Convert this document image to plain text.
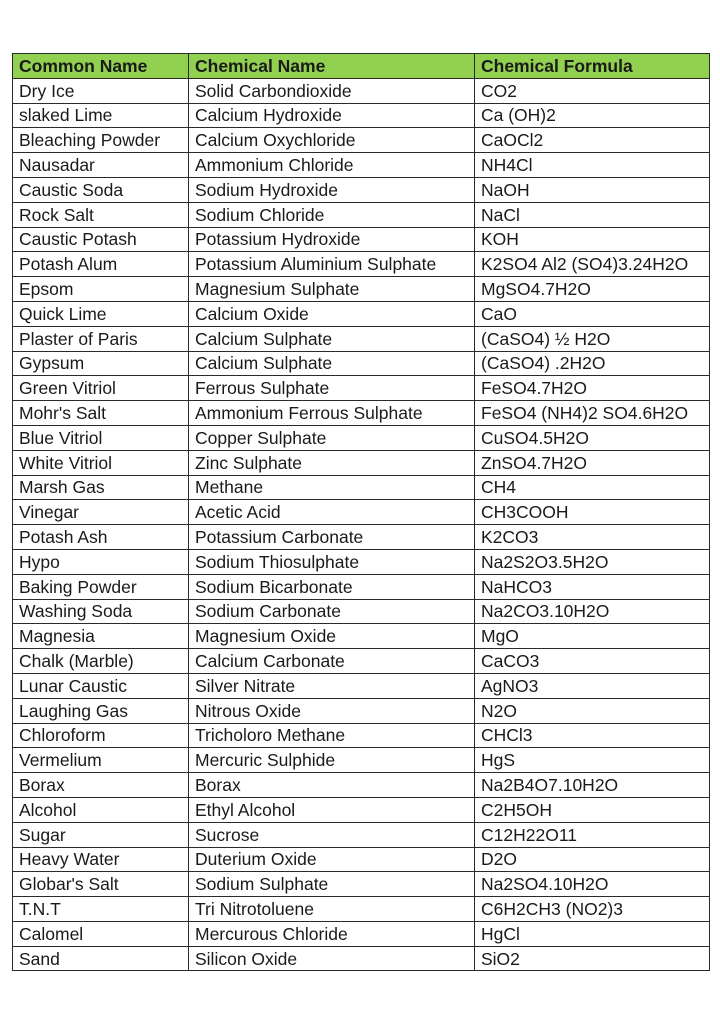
Common Name	Chemical Name	Chemical Formula
Dry Ice	Solid Carbondioxide	CO2
slaked Lime	Calcium Hydroxide	Ca (OH)2
Bleaching Powder	Calcium Oxychloride	CaOCl2
Nausadar	Ammonium Chloride	NH4Cl
Caustic Soda	Sodium Hydroxide	NaOH
Rock Salt	Sodium Chloride	NaCl
Caustic Potash	Potassium Hydroxide	KOH
Potash Alum	Potassium Aluminium Sulphate	K2SO4 Al2 (SO4)3.24H2O
Epsom	Magnesium Sulphate	MgSO4.7H2O
Quick Lime	Calcium Oxide	CaO
Plaster of Paris	Calcium Sulphate	(CaSO4) ½ H2O
Gypsum	Calcium Sulphate	(CaSO4) .2H2O
Green Vitriol	Ferrous Sulphate	FeSO4.7H2O
Mohr's Salt	Ammonium Ferrous Sulphate	FeSO4 (NH4)2 SO4.6H2O
Blue Vitriol	Copper Sulphate	CuSO4.5H2O
White Vitriol	Zinc Sulphate	ZnSO4.7H2O
Marsh Gas	Methane	CH4
Vinegar	Acetic Acid	CH3COOH
Potash Ash	Potassium Carbonate	K2CO3
Hypo	Sodium Thiosulphate	Na2S2O3.5H2O
Baking Powder	Sodium Bicarbonate	NaHCO3
Washing Soda	Sodium Carbonate	Na2CO3.10H2O
Magnesia	Magnesium Oxide	MgO
Chalk (Marble)	Calcium Carbonate	CaCO3
Lunar Caustic	Silver Nitrate	AgNO3
Laughing Gas	Nitrous Oxide	N2O
Chloroform	Tricholoro Methane	CHCl3
Vermelium	Mercuric Sulphide	HgS
Borax	Borax	Na2B4O7.10H2O
Alcohol	Ethyl Alcohol	C2H5OH
Sugar	Sucrose	C12H22O11
Heavy Water	Duterium Oxide	D2O
Globar's Salt	Sodium Sulphate	Na2SO4.10H2O
T.N.T	Tri Nitrotoluene	C6H2CH3 (NO2)3
Calomel	Mercurous Chloride	HgCl
Sand	Silicon Oxide	SiO2
